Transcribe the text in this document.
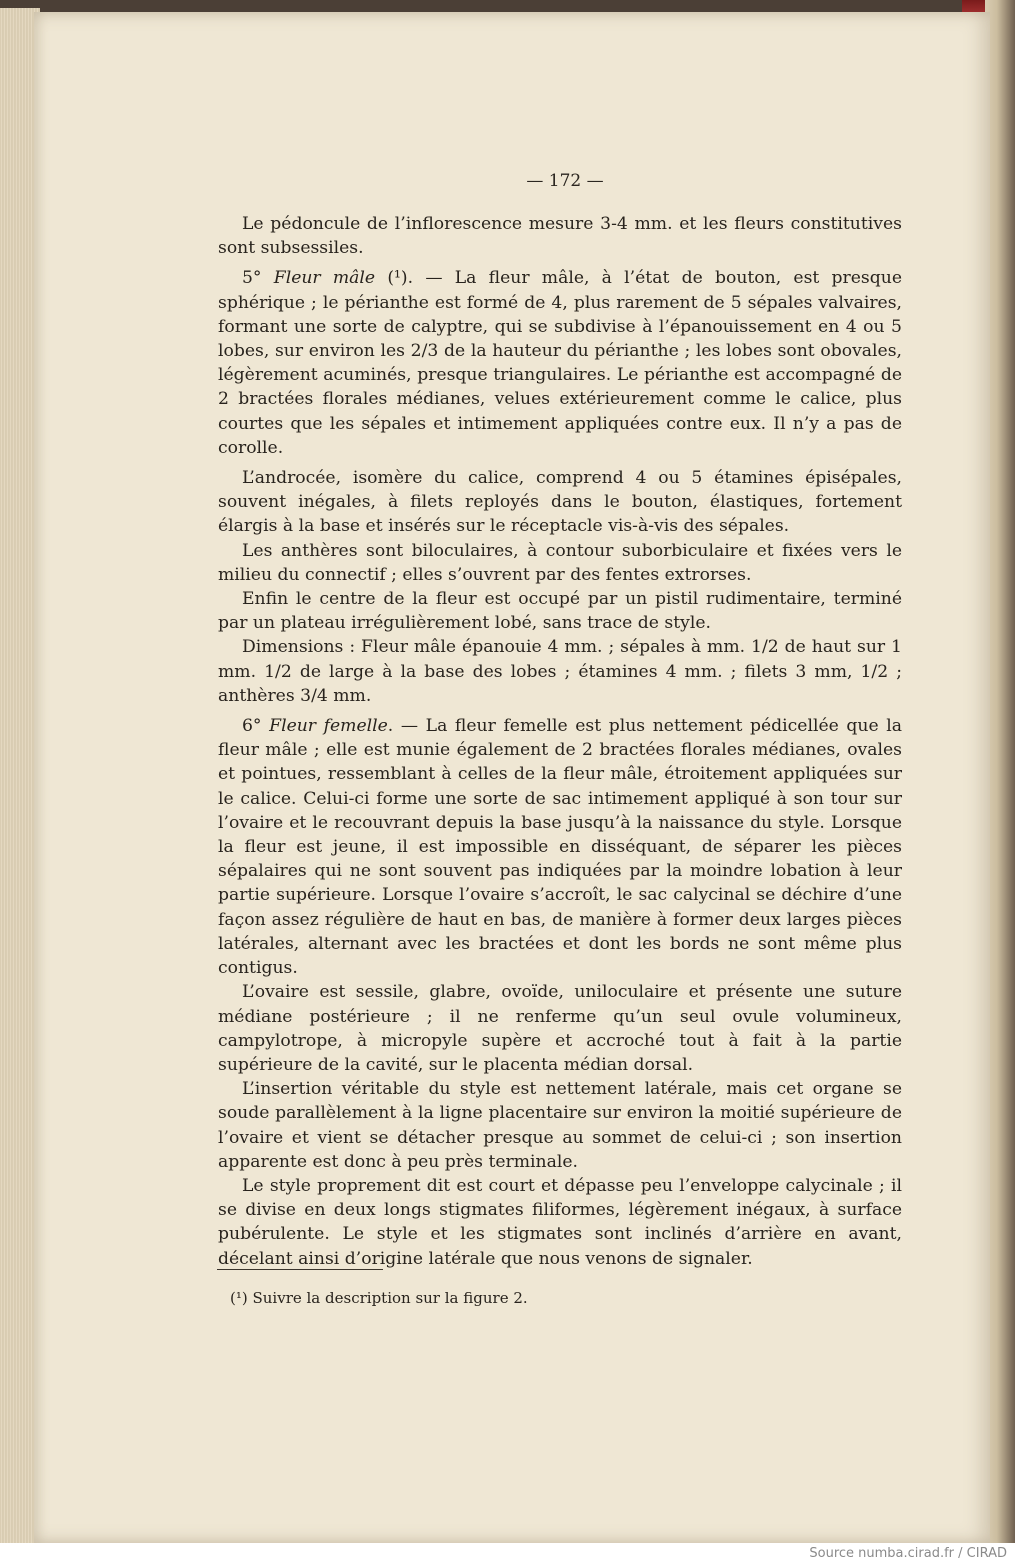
— 172 —

Le pédoncule de l’inflorescence mesure 3-4 mm. et les fleurs constitutives sont subsessiles.

5° Fleur mâle (¹). — La fleur mâle, à l’état de bouton, est presque sphérique ; le périanthe est formé de 4, plus rarement de 5 sépales valvaires, formant une sorte de calyptre, qui se subdivise à l’épanouissement en 4 ou 5 lobes, sur environ les 2/3 de la hauteur du périanthe ; les lobes sont obovales, légèrement acuminés, presque triangulaires. Le périanthe est accompagné de 2 bractées florales médianes, velues extérieurement comme le calice, plus courtes que les sépales et intimement appliquées contre eux. Il n’y a pas de corolle.

L’androcée, isomère du calice, comprend 4 ou 5 étamines épisépales, souvent inégales, à filets reployés dans le bouton, élastiques, fortement élargis à la base et insérés sur le réceptacle vis-à-vis des sépales.

Les anthères sont biloculaires, à contour suborbiculaire et fixées vers le milieu du connectif ; elles s’ouvrent par des fentes extrorses.

Enfin le centre de la fleur est occupé par un pistil rudimentaire, terminé par un plateau irrégulièrement lobé, sans trace de style.

Dimensions : Fleur mâle épanouie 4 mm. ; sépales à mm. 1/2 de haut sur 1 mm. 1/2 de large à la base des lobes ; étamines 4 mm. ; filets 3 mm, 1/2 ; anthères 3/4 mm.

6° Fleur femelle. — La fleur femelle est plus nettement pédicellée que la fleur mâle ; elle est munie également de 2 bractées florales médianes, ovales et pointues, ressemblant à celles de la fleur mâle, étroitement appliquées sur le calice. Celui-ci forme une sorte de sac intimement appliqué à son tour sur l’ovaire et le recouvrant depuis la base jusqu’à la naissance du style. Lorsque la fleur est jeune, il est impossible en disséquant, de séparer les pièces sépalaires qui ne sont souvent pas indiquées par la moindre lobation à leur partie supérieure. Lorsque l’ovaire s’accroît, le sac calycinal se déchire d’une façon assez régulière de haut en bas, de manière à former deux larges pièces latérales, alternant avec les bractées et dont les bords ne sont même plus contigus.

L’ovaire est sessile, glabre, ovoïde, uniloculaire et présente une suture médiane postérieure ; il ne renferme qu’un seul ovule volumineux, campylotrope, à micropyle supère et accroché tout à fait à la partie supérieure de la cavité, sur le placenta médian dorsal.

L’insertion véritable du style est nettement latérale, mais cet organe se soude parallèlement à la ligne placentaire sur environ la moitié supérieure de l’ovaire et vient se détacher presque au sommet de celui-ci ; son insertion apparente est donc à peu près terminale.

Le style proprement dit est court et dépasse peu l’enveloppe calycinale ; il se divise en deux longs stigmates filiformes, légèrement inégaux, à surface pubérulente. Le style et les stigmates sont inclinés d’arrière en avant, décelant ainsi d’origine latérale que nous venons de signaler.

(¹) Suivre la description sur la figure 2.
Source numba.cirad.fr / CIRAD
